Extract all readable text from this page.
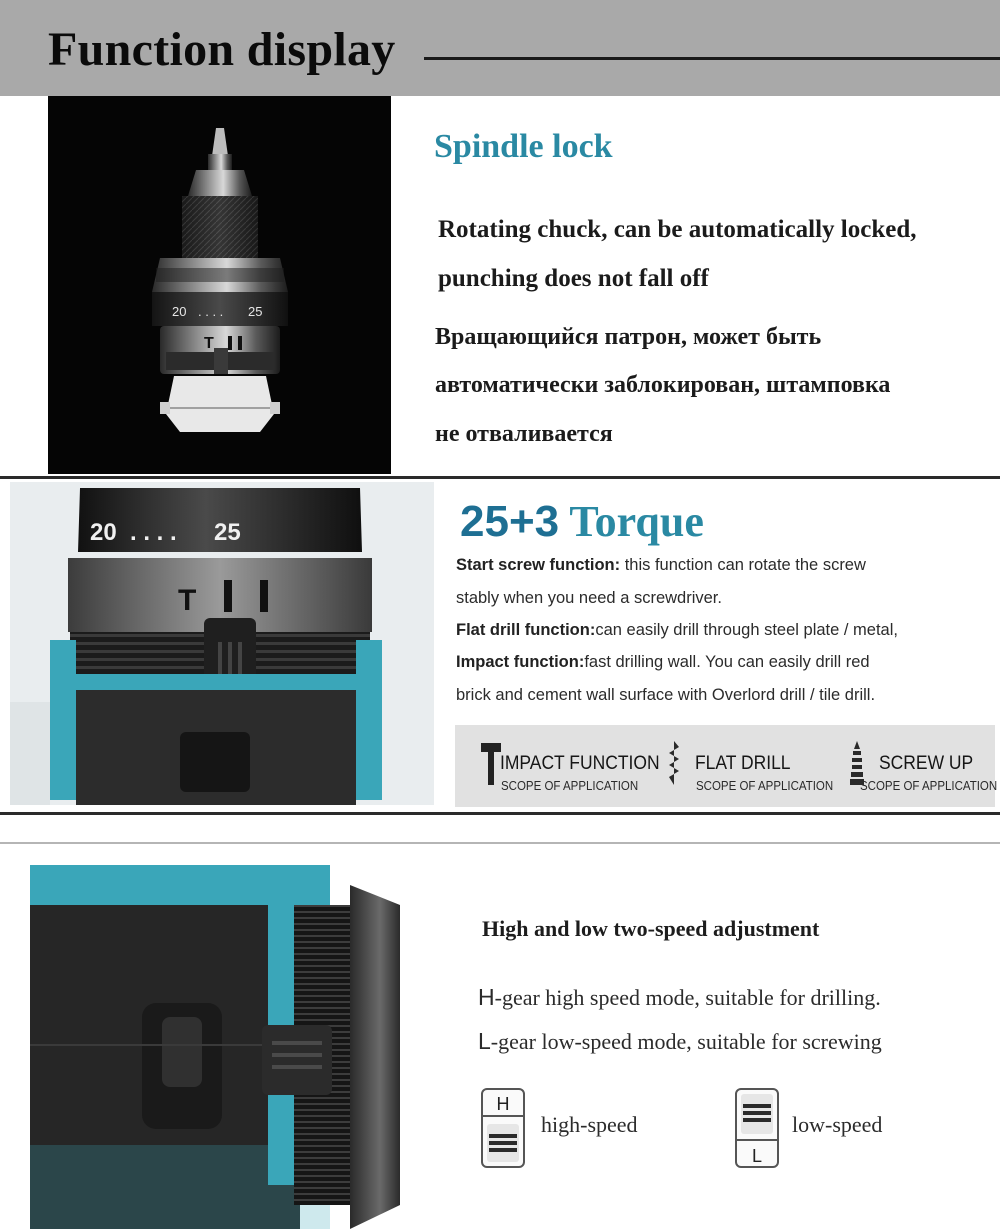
Function display
20	25
. . . .
T
Spindle lock
Rotating chuck, can be automatically locked,
punching does not fall off
Вращающийся патрон, может быть
автоматически заблокирован, штамповка
не отваливается
20 . . . . 25
T
25+3 Torque
Start screw function: this function can rotate the screw
stably when you need a screwdriver.
Flat drill function:can easily drill through steel plate / metal,
Impact function:fast drilling wall. You can easily drill red
brick and cement wall surface with Overlord drill / tile drill.
IMPACT FUNCTION
SCOPE OF APPLICATION
FLAT DRILL
SCOPE OF APPLICATION
SCREW UP
SCOPE OF APPLICATION
High and low two-speed adjustment
H-gear high speed mode, suitable for drilling.
L-gear low-speed mode, suitable for screwing
H
high-speed
L
low-speed
